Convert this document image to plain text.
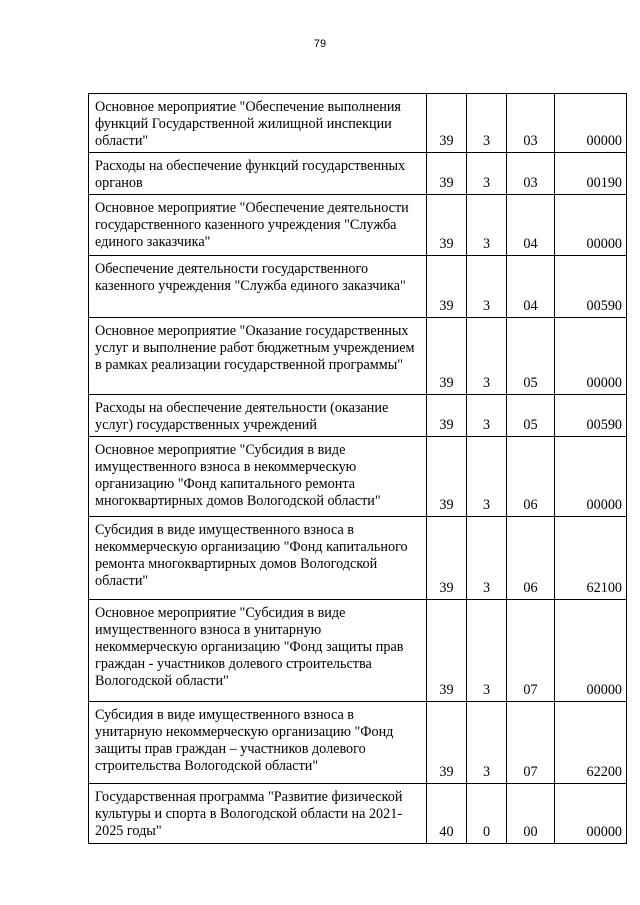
79
Основное мероприятие "Обеспечение выполнения функций Государственной жилищной инспекции области"	39	3	03	00000
Расходы на обеспечение функций государственных органов	39	3	03	00190
Основное мероприятие "Обеспечение деятельности государственного казенного учреждения "Служба единого заказчика"	39	3	04	00000
Обеспечение деятельности государственного казенного учреждения "Служба единого заказчика"	39	3	04	00590
Основное мероприятие "Оказание государственных услуг и выполнение работ бюджетным учреждением в рамках реализации государственной программы"	39	3	05	00000
Расходы на обеспечение деятельности (оказание услуг) государственных учреждений	39	3	05	00590
Основное мероприятие "Субсидия в виде имущественного взноса в некоммерческую организацию "Фонд капитального ремонта многоквартирных домов Вологодской области"	39	3	06	00000
Субсидия в виде имущественного взноса в некоммерческую организацию "Фонд капитального ремонта многоквартирных домов Вологодской области"	39	3	06	62100
Основное мероприятие "Субсидия в виде имущественного взноса в унитарную некоммерческую организацию "Фонд защиты прав граждан - участников долевого строительства Вологодской области"	39	3	07	00000
Субсидия в виде имущественного взноса в унитарную некоммерческую организацию "Фонд защиты прав граждан – участников долевого строительства Вологодской области"	39	3	07	62200
Государственная программа "Развитие физической культуры и спорта в Вологодской области на 2021-2025 годы"	40	0	00	00000
